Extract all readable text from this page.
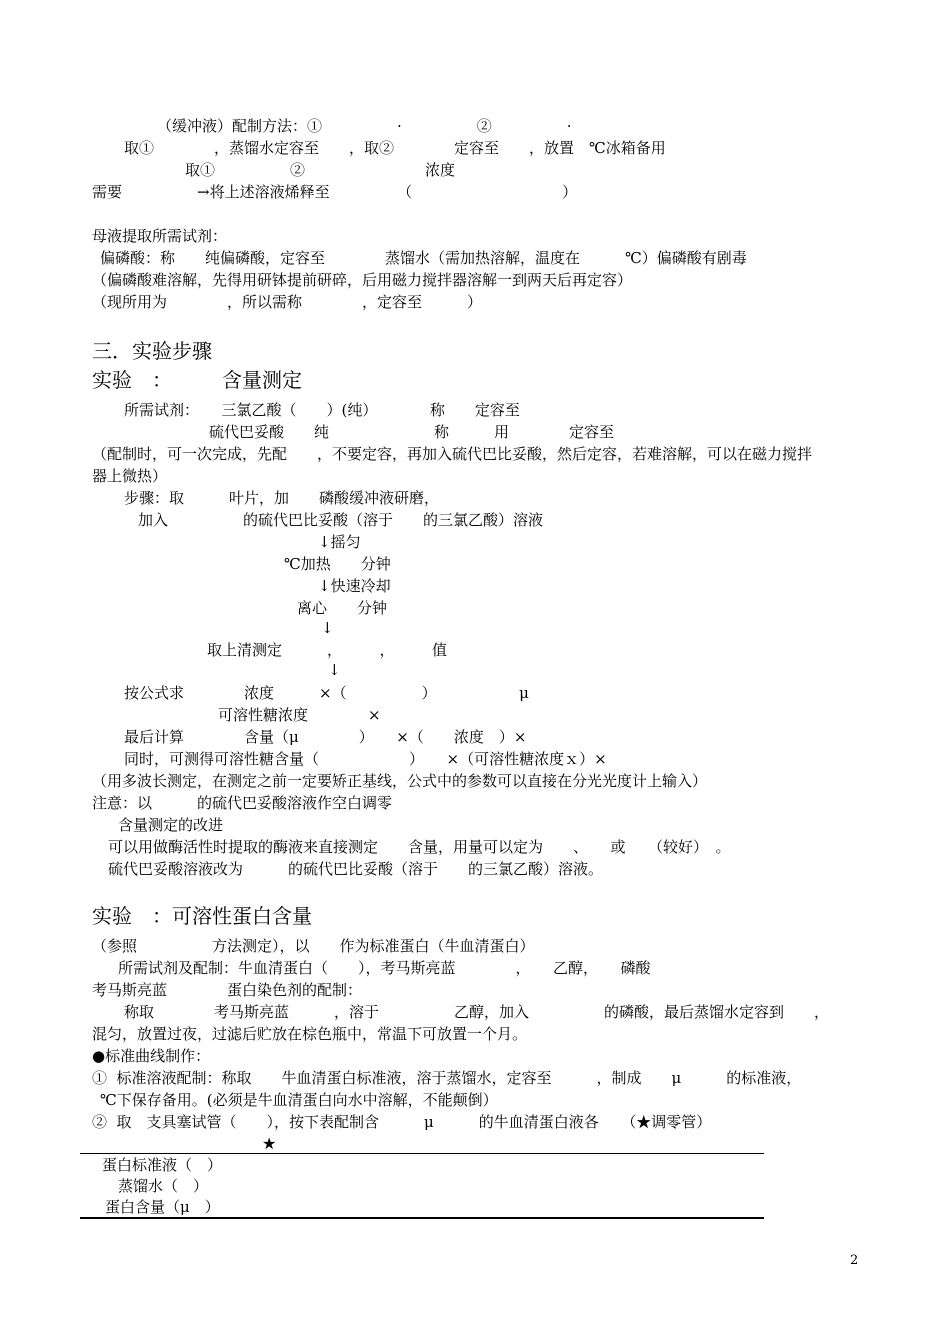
（缓冲液）配制方法：①　　　　　·　　　　　②　　　　　·
取①　　　　，蒸馏水定容至　　，取②　　　　定容至　　，放置　℃冰箱备用
取①　　　　　②　　　　　　　　浓度
需要　　　　　→将上述溶液烯释至　　　　　（　　　　　　　　　　）
母液提取所需试剂：
偏磷酸：称　　纯偏磷酸，定容至　　　　蒸馏水（需加热溶解，温度在　　　℃）偏磷酸有剧毒
（偏磷酸难溶解，先得用研钵提前研碎，后用磁力搅拌器溶解一到两天后再定容）
（现所用为　　　　，所以需称　　　　，定容至　　　）
三．实验步骤
实验　：　　　含量测定
所需试剂：　　三氯乙酸（　　）(纯）　　　　称　　定容至
硫代巴妥酸　　纯　　　　　　　称　　　用　　　　定容至
（配制时，可一次完成，先配　　，不要定容，再加入硫代巴比妥酸，然后定容，若难溶解，可以在磁力搅拌
器上微热）
步骤：取　　　叶片，加　　磷酸缓冲液研磨，
加入　　　　　的硫代巴比妥酸（溶于　　的三氯乙酸）溶液
↓摇匀
℃加热　　分钟
↓快速冷却
离心　　分钟
↓
取上清测定　　　，　　　，　　　值
↓
按公式求　　　　浓度　　　×（　　　　　）　　　　　　μ
可溶性糖浓度　　　　×
最后计算　　　　含量（μ　　　　）　　×（　　浓度　）×
同时，可测得可溶性糖含量（　　　　　　）　　×（可溶性糖浓度ｘ）×
（用多波长测定，在测定之前一定要矫正基线，公式中的参数可以直接在分光光度计上输入）
注意：以　　　的硫代巴妥酸溶液作空白调零
含量测定的改进
可以用做酶活性时提取的酶液来直接测定　　含量，用量可以定为　　、　　或　　（较好）　。
硫代巴妥酸溶液改为　　　的硫代巴比妥酸（溶于　　的三氯乙酸）溶液。
实验　：可溶性蛋白含量
（参照　　　　　方法测定），以　　作为标准蛋白（牛血清蛋白）
所需试剂及配制：牛血清蛋白（　　），考马斯亮蓝　　　　，　　乙醇，　　磷酸
考马斯亮蓝　　　　蛋白染色剂的配制：
称取　　　　考马斯亮蓝　　　，溶于　　　　　乙醇，加入　　　　　的磷酸，最后蒸馏水定容到　　，
混匀，放置过夜，过滤后贮放在棕色瓶中，常温下可放置一个月。
●标准曲线制作：
①  标准溶液配制：称取　　牛血清蛋白标准液，溶于蒸馏水，定容至　　　，制成　　μ　　　的标准液，
℃下保存备用。(必须是牛血清蛋白向水中溶解，不能颠倒）
②  取　支具塞试管（　　），按下表配制含　　　μ　　　的牛血清蛋白液各　　（★调零管）
★
蛋白标准液（　）
蒸馏水（　）
蛋白含量（μ　）
2
